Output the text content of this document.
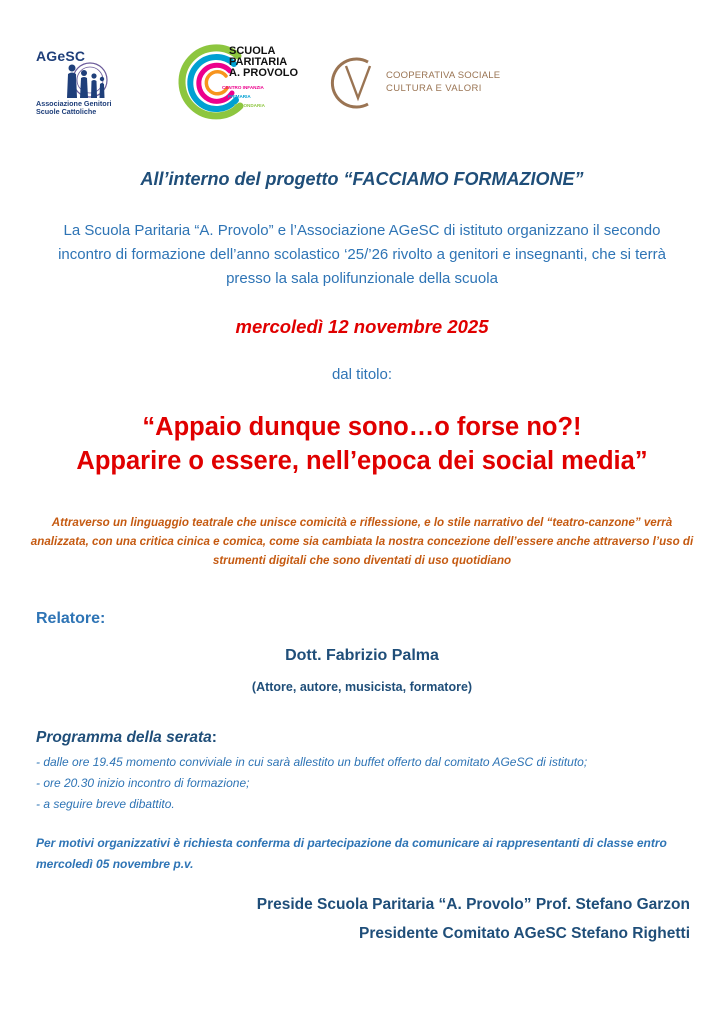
AGeSC
Associazione Genitori
Scuole Cattoliche
SCUOLA
PARITARIA
A. PROVOLO
CENTRO INFANZIA
PRIMARIA
SECONDARIA
COOPERATIVA SOCIALE
CULTURA E VALORI
All’interno del progetto “FACCIAMO FORMAZIONE”
La Scuola Paritaria “A. Provolo” e l’Associazione AGeSC di istituto organizzano il secondo incontro di formazione dell’anno scolastico ‘25/’26 rivolto a genitori e insegnanti, che si terrà presso la sala polifunzionale della scuola
mercoledì 12 novembre 2025
dal titolo:
“Appaio dunque sono…o forse no?!
Apparire o essere, nell’epoca dei social media”
Attraverso un linguaggio teatrale che unisce comicità e riflessione, e lo stile narrativo del “teatro-canzone” verrà analizzata, con una critica cinica e comica, come sia cambiata la nostra concezione dell’essere anche attraverso l’uso di strumenti digitali che sono diventati di uso quotidiano
Relatore:
Dott. Fabrizio Palma
(Attore, autore, musicista, formatore)
Programma della serata:
- dalle ore 19.45 momento conviviale in cui sarà allestito un buffet offerto dal comitato AGeSC di istituto;
- ore 20.30 inizio incontro di formazione;
- a seguire breve dibattito.
Per motivi organizzativi è richiesta conferma di partecipazione da comunicare ai rappresentanti di classe entro mercoledì 05 novembre p.v.
Preside Scuola Paritaria “A. Provolo” Prof. Stefano Garzon
Presidente Comitato AGeSC Stefano Righetti
